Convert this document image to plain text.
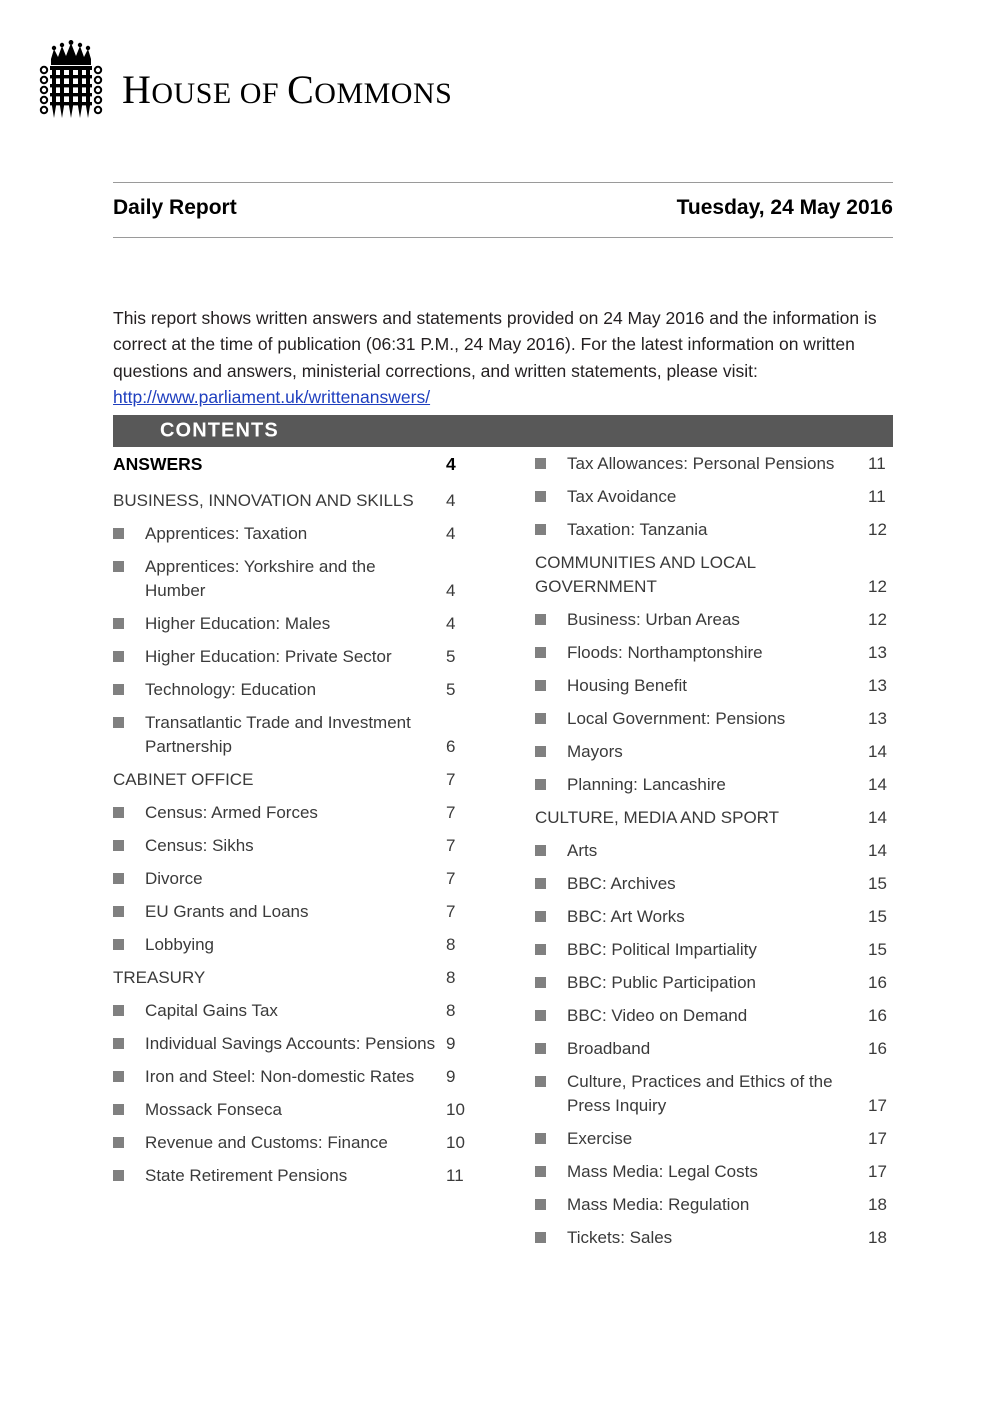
HOUSE OF COMMONS
Daily Report	Tuesday, 24 May 2016

This report shows written answers and statements provided on 24 May 2016 and the information is correct at the time of publication (06:31 P.M., 24 May 2016). For the latest information on written questions and answers, ministerial corrections, and written statements, please visit: http://www.parliament.uk/writtenanswers/

CONTENTS
ANSWERS	4
BUSINESS, INNOVATION AND SKILLS	4
Apprentices: Taxation	4
Apprentices: Yorkshire and the Humber	4
Higher Education: Males	4
Higher Education: Private Sector	5
Technology: Education	5
Transatlantic Trade and Investment Partnership	6
CABINET OFFICE	7
Census: Armed Forces	7
Census: Sikhs	7
Divorce	7
EU Grants and Loans	7
Lobbying	8
TREASURY	8
Capital Gains Tax	8
Individual Savings Accounts: Pensions 9
Iron and Steel: Non-domestic Rates	9
Mossack Fonseca	10
Revenue and Customs: Finance	10
State Retirement Pensions	11
Tax Allowances: Personal Pensions	11
Tax Avoidance	11
Taxation: Tanzania	12
COMMUNITIES AND LOCAL GOVERNMENT	12
Business: Urban Areas	12
Floods: Northamptonshire	13
Housing Benefit	13
Local Government: Pensions	13
Mayors	14
Planning: Lancashire	14
CULTURE, MEDIA AND SPORT	14
Arts	14
BBC: Archives	15
BBC: Art Works	15
BBC: Political Impartiality	15
BBC: Public Participation	16
BBC: Video on Demand	16
Broadband	16
Culture, Practices and Ethics of the Press Inquiry	17
Exercise	17
Mass Media: Legal Costs	17
Mass Media: Regulation	18
Tickets: Sales	18
